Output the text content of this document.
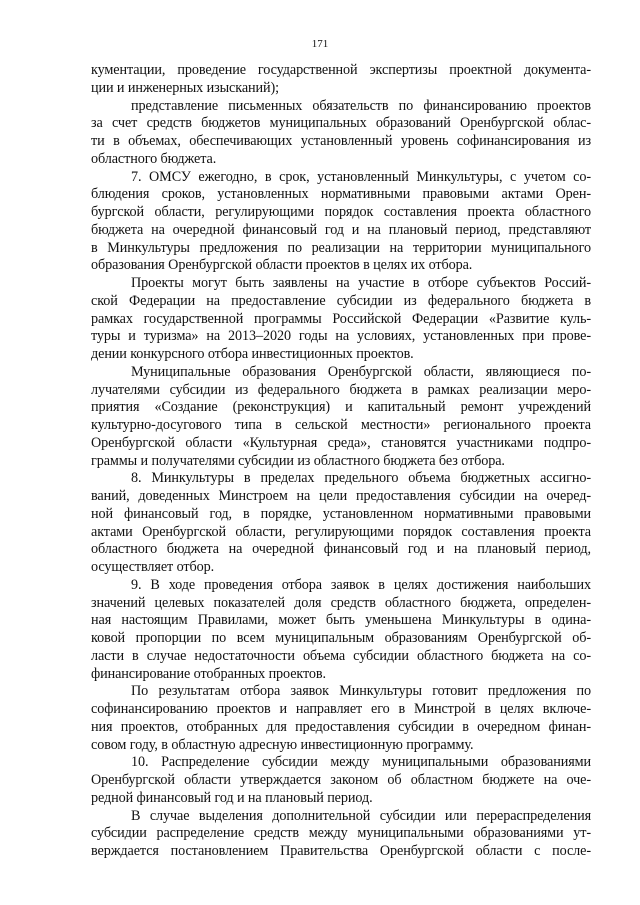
171

кументации, проведение государственной экспертизы проектной документа-
ции и инженерных изысканий);

представление письменных обязательств по финансированию проектов
за счет средств бюджетов муниципальных образований Оренбургской облас-
ти в объемах, обеспечивающих установленный уровень софинансирования из
областного бюджета.

7. ОМСУ ежегодно, в срок, установленный Минкультуры, с учетом со-
блюдения сроков, установленных нормативными правовыми актами Орен-
бургской области, регулирующими порядок составления проекта областного
бюджета на очередной финансовый год и на плановый период, представляют
в Минкультуры предложения по реализации на территории муниципального
образования Оренбургской области проектов в целях их отбора.

Проекты могут быть заявлены на участие в отборе субъектов Россий-
ской Федерации на предоставление субсидии из федерального бюджета в
рамках государственной программы Российской Федерации «Развитие куль-
туры и туризма» на 2013–2020 годы на условиях, установленных при прове-
дении конкурсного отбора инвестиционных проектов.

Муниципальные образования Оренбургской области, являющиеся по-
лучателями субсидии из федерального бюджета в рамках реализации меро-
приятия «Создание (реконструкция) и капитальный ремонт учреждений
культурно-досугового типа в сельской местности» регионального проекта
Оренбургской области «Культурная среда», становятся участниками подпро-
граммы и получателями субсидии из областного бюджета без отбора.

8. Минкультуры в пределах предельного объема бюджетных ассигно-
ваний, доведенных Минстроем на цели предоставления субсидии на очеред-
ной финансовый год, в порядке, установленном нормативными правовыми
актами Оренбургской области, регулирующими порядок составления проекта
областного бюджета на очередной финансовый год и на плановый период,
осуществляет отбор.

9. В ходе проведения отбора заявок в целях достижения наибольших
значений целевых показателей доля средств областного бюджета, определен-
ная настоящим Правилами, может быть уменьшена Минкультуры в одина-
ковой пропорции по всем муниципальным образованиям Оренбургской об-
ласти в случае недостаточности объема субсидии областного бюджета на со-
финансирование отобранных проектов.

По результатам отбора заявок Минкультуры готовит предложения по
софинансированию проектов и направляет его в Минстрой в целях включе-
ния проектов, отобранных для предоставления субсидии в очередном финан-
совом году, в областную адресную инвестиционную программу.

10. Распределение субсидии между муниципальными образованиями
Оренбургской области утверждается законом об областном бюджете на оче-
редной финансовый год и на плановый период.

В случае выделения дополнительной субсидии или перераспределения
субсидии распределение средств между муниципальными образованиями ут-
верждается постановлением Правительства Оренбургской области с после-
